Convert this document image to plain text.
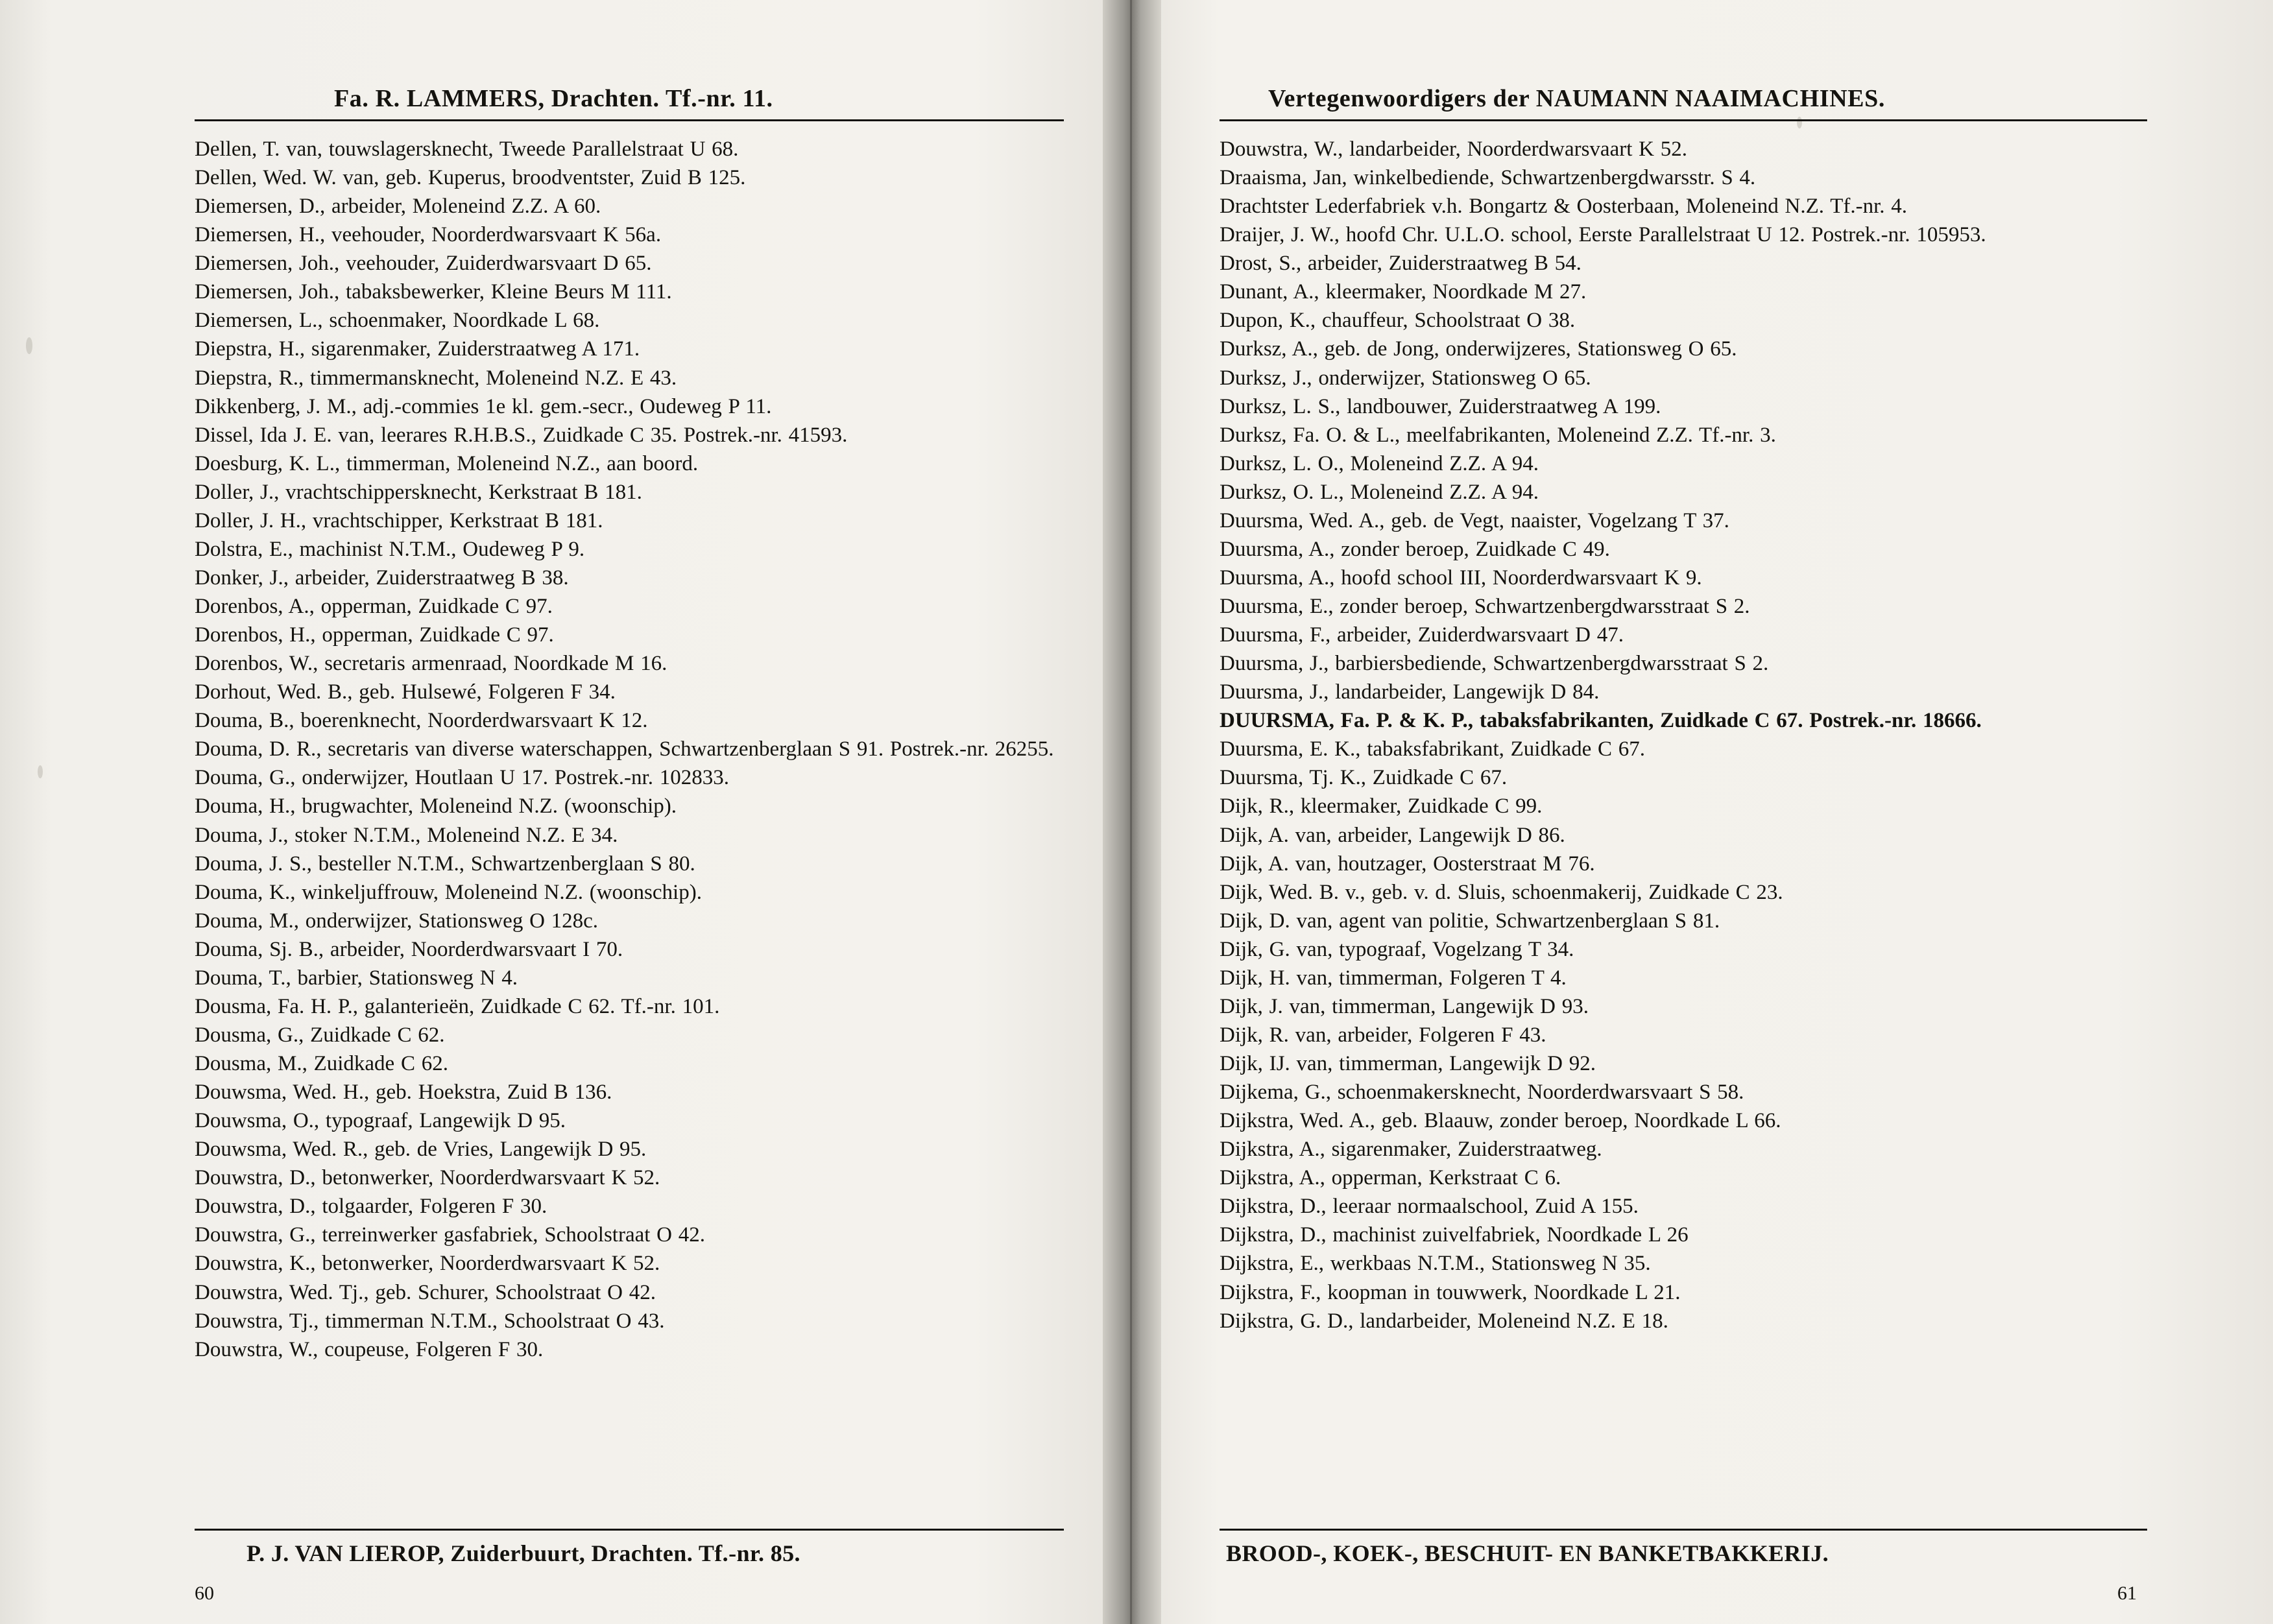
Fa. R. LAMMERS, Drachten. Tf.-nr. 11.
Dellen, T. van, touwslagersknecht, Tweede Parallelstraat U 68.
Dellen, Wed. W. van, geb. Kuperus, broodventster, Zuid B 125.
Diemersen, D., arbeider, Moleneind Z.Z. A 60.
Diemersen, H., veehouder, Noorderdwarsvaart K 56a.
Diemersen, Joh., veehouder, Zuiderdwarsvaart D 65.
Diemersen, Joh., tabaksbewerker, Kleine Beurs M 111.
Diemersen, L., schoenmaker, Noordkade L 68.
Diepstra, H., sigarenmaker, Zuiderstraatweg A 171.
Diepstra, R., timmermansknecht, Moleneind N.Z. E 43.
Dikkenberg, J. M., adj.-commies 1e kl. gem.-secr., Oudeweg P 11.
Dissel, Ida J. E. van, leerares R.H.B.S., Zuidkade C 35. Postrek.-nr. 41593.
Doesburg, K. L., timmerman, Moleneind N.Z., aan boord.
Doller, J., vrachtschippersknecht, Kerkstraat B 181.
Doller, J. H., vrachtschipper, Kerkstraat B 181.
Dolstra, E., machinist N.T.M., Oudeweg P 9.
Donker, J., arbeider, Zuiderstraatweg B 38.
Dorenbos, A., opperman, Zuidkade C 97.
Dorenbos, H., opperman, Zuidkade C 97.
Dorenbos, W., secretaris armenraad, Noordkade M 16.
Dorhout, Wed. B., geb. Hulsewé, Folgeren F 34.
Douma, B., boerenknecht, Noorderdwarsvaart K 12.
Douma, D. R., secretaris van diverse waterschappen, Schwartzenberglaan S 91. Postrek.-nr. 26255.
Douma, G., onderwijzer, Houtlaan U 17. Postrek.-nr. 102833.
Douma, H., brugwachter, Moleneind N.Z. (woonschip).
Douma, J., stoker N.T.M., Moleneind N.Z. E 34.
Douma, J. S., besteller N.T.M., Schwartzenberglaan S 80.
Douma, K., winkeljuffrouw, Moleneind N.Z. (woonschip).
Douma, M., onderwijzer, Stationsweg O 128c.
Douma, Sj. B., arbeider, Noorderdwarsvaart I 70.
Douma, T., barbier, Stationsweg N 4.
Dousma, Fa. H. P., galanterieën, Zuidkade C 62. Tf.-nr. 101.
Dousma, G., Zuidkade C 62.
Dousma, M., Zuidkade C 62.
Douwsma, Wed. H., geb. Hoekstra, Zuid B 136.
Douwsma, O., typograaf, Langewijk D 95.
Douwsma, Wed. R., geb. de Vries, Langewijk D 95.
Douwstra, D., betonwerker, Noorderdwarsvaart K 52.
Douwstra, D., tolgaarder, Folgeren F 30.
Douwstra, G., terreinwerker gasfabriek, Schoolstraat O 42.
Douwstra, K., betonwerker, Noorderdwarsvaart K 52.
Douwstra, Wed. Tj., geb. Schurer, Schoolstraat O 42.
Douwstra, Tj., timmerman N.T.M., Schoolstraat O 43.
Douwstra, W., coupeuse, Folgeren F 30.
P. J. VAN LIEROP, Zuiderbuurt, Drachten. Tf.-nr. 85.
60
Vertegenwoordigers der NAUMANN NAAIMACHINES.
Douwstra, W., landarbeider, Noorderdwarsvaart K 52.
Draaisma, Jan, winkelbediende, Schwartzenbergdwarsstr. S 4.
Drachtster Lederfabriek v.h. Bongartz & Oosterbaan, Moleneind N.Z. Tf.-nr. 4.
Draijer, J. W., hoofd Chr. U.L.O. school, Eerste Parallelstraat U 12. Postrek.-nr. 105953.
Drost, S., arbeider, Zuiderstraatweg B 54.
Dunant, A., kleermaker, Noordkade M 27.
Dupon, K., chauffeur, Schoolstraat O 38.
Durksz, A., geb. de Jong, onderwijzeres, Stationsweg O 65.
Durksz, J., onderwijzer, Stationsweg O 65.
Durksz, L. S., landbouwer, Zuiderstraatweg A 199.
Durksz, Fa. O. & L., meelfabrikanten, Moleneind Z.Z. Tf.-nr. 3.
Durksz, L. O., Moleneind Z.Z. A 94.
Durksz, O. L., Moleneind Z.Z. A 94.
Duursma, Wed. A., geb. de Vegt, naaister, Vogelzang T 37.
Duursma, A., zonder beroep, Zuidkade C 49.
Duursma, A., hoofd school III, Noorderdwarsvaart K 9.
Duursma, E., zonder beroep, Schwartzenbergdwarsstraat S 2.
Duursma, F., arbeider, Zuiderdwarsvaart D 47.
Duursma, J., barbiersbediende, Schwartzenbergdwarsstraat S 2.
Duursma, J., landarbeider, Langewijk D 84.
DUURSMA, Fa. P. & K. P., tabaksfabrikanten, Zuidkade C 67. Postrek.-nr. 18666.
Duursma, E. K., tabaksfabrikant, Zuidkade C 67.
Duursma, Tj. K., Zuidkade C 67.
Dijk, R., kleermaker, Zuidkade C 99.
Dijk, A. van, arbeider, Langewijk D 86.
Dijk, A. van, houtzager, Oosterstraat M 76.
Dijk, Wed. B. v., geb. v. d. Sluis, schoenmakerij, Zuidkade C 23.
Dijk, D. van, agent van politie, Schwartzenberglaan S 81.
Dijk, G. van, typograaf, Vogelzang T 34.
Dijk, H. van, timmerman, Folgeren T 4.
Dijk, J. van, timmerman, Langewijk D 93.
Dijk, R. van, arbeider, Folgeren F 43.
Dijk, IJ. van, timmerman, Langewijk D 92.
Dijkema, G., schoenmakersknecht, Noorderdwarsvaart S 58.
Dijkstra, Wed. A., geb. Blaauw, zonder beroep, Noordkade L 66.
Dijkstra, A., sigarenmaker, Zuiderstraatweg.
Dijkstra, A., opperman, Kerkstraat C 6.
Dijkstra, D., leeraar normaalschool, Zuid A 155.
Dijkstra, D., machinist zuivelfabriek, Noordkade L 26
Dijkstra, E., werkbaas N.T.M., Stationsweg N 35.
Dijkstra, F., koopman in touwwerk, Noordkade L 21.
Dijkstra, G. D., landarbeider, Moleneind N.Z. E 18.
BROOD-, KOEK-, BESCHUIT- EN BANKETBAKKERIJ.
61
